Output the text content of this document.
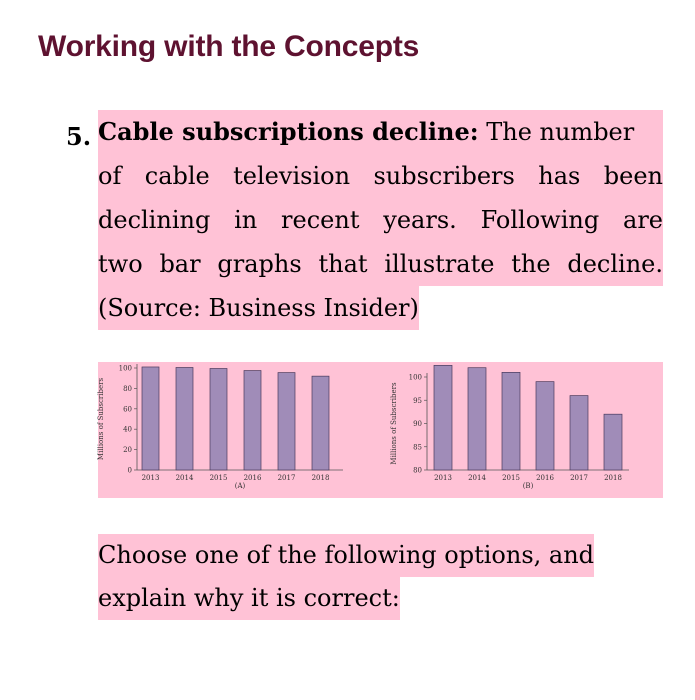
Working with the Concepts
5. Cable subscriptions decline: The number
of cable television subscribers has been
declining in recent years. Following are
two bar graphs that illustrate the decline.
(Source: Business Insider)
0
20
40
60
80
100
Millions of Subscribers
2013 2014 2015 2016 2017 2018
(A)
80
85
90
95
100
Millions of Subscribers
2013 2014 2015 2016 2017 2018
(B)
Choose one of the following options, and
explain why it is correct:
